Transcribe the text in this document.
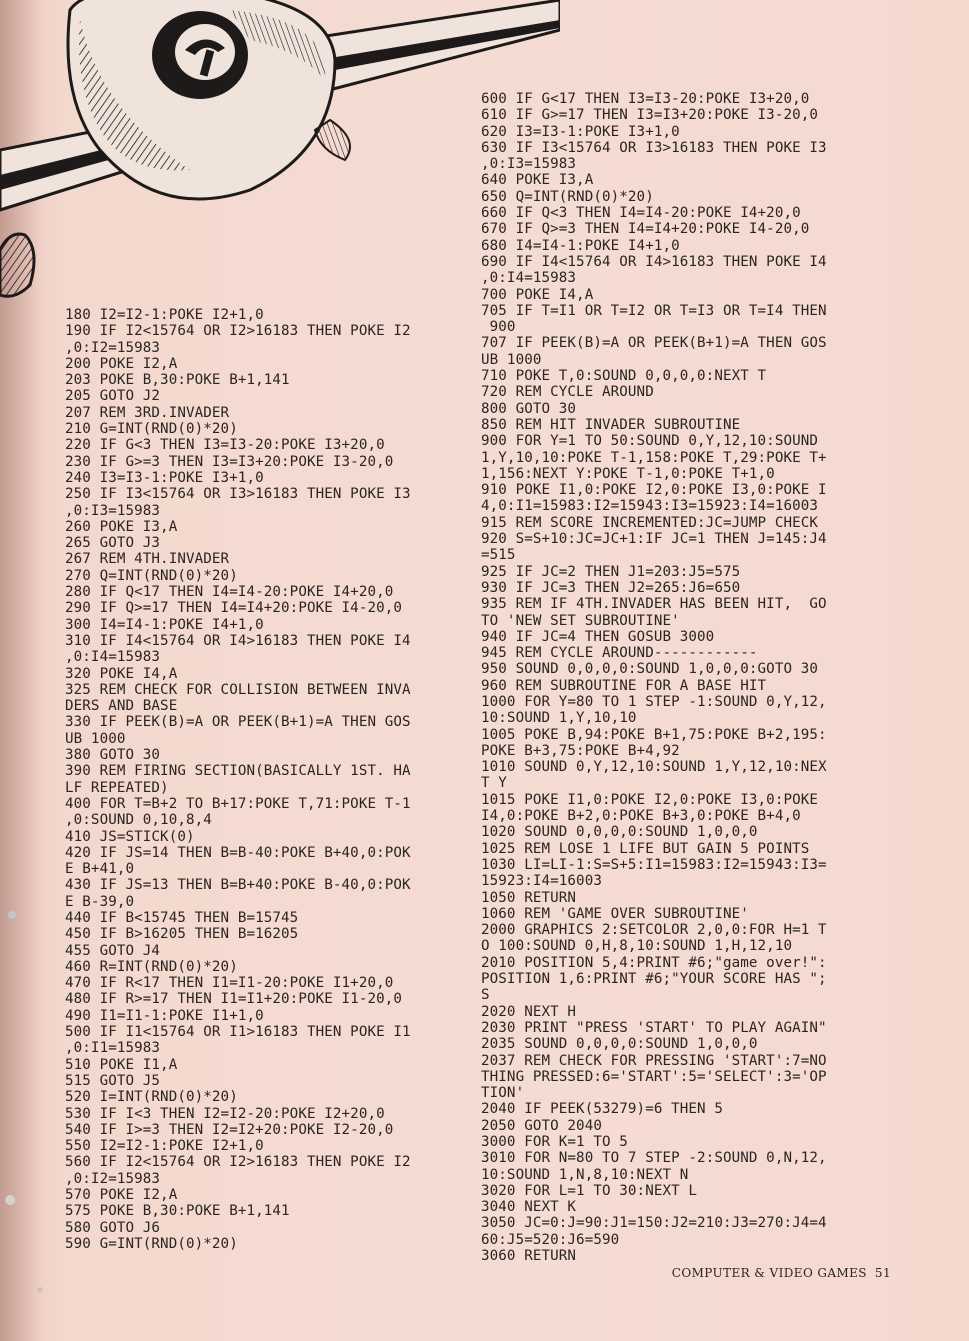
180 I2=I2-1:POKE I2+1,0
190 IF I2<15764 OR I2>16183 THEN POKE I2
,0:I2=15983
200 POKE I2,A
203 POKE B,30:POKE B+1,141
205 GOTO J2
207 REM 3RD.INVADER
210 G=INT(RND(0)*20)
220 IF G<3 THEN I3=I3-20:POKE I3+20,0
230 IF G>=3 THEN I3=I3+20:POKE I3-20,0
240 I3=I3-1:POKE I3+1,0
250 IF I3<15764 OR I3>16183 THEN POKE I3
,0:I3=15983
260 POKE I3,A
265 GOTO J3
267 REM 4TH.INVADER
270 Q=INT(RND(0)*20)
280 IF Q<17 THEN I4=I4-20:POKE I4+20,0
290 IF Q>=17 THEN I4=I4+20:POKE I4-20,0
300 I4=I4-1:POKE I4+1,0
310 IF I4<15764 OR I4>16183 THEN POKE I4
,0:I4=15983
320 POKE I4,A
325 REM CHECK FOR COLLISION BETWEEN INVA
DERS AND BASE
330 IF PEEK(B)=A OR PEEK(B+1)=A THEN GOS
UB 1000
380 GOTO 30
390 REM FIRING SECTION(BASICALLY 1ST. HA
LF REPEATED)
400 FOR T=B+2 TO B+17:POKE T,71:POKE T-1
,0:SOUND 0,10,8,4
410 JS=STICK(0)
420 IF JS=14 THEN B=B-40:POKE B+40,0:POK
E B+41,0
430 IF JS=13 THEN B=B+40:POKE B-40,0:POK
E B-39,0
440 IF B<15745 THEN B=15745
450 IF B>16205 THEN B=16205
455 GOTO J4
460 R=INT(RND(0)*20)
470 IF R<17 THEN I1=I1-20:POKE I1+20,0
480 IF R>=17 THEN I1=I1+20:POKE I1-20,0
490 I1=I1-1:POKE I1+1,0
500 IF I1<15764 OR I1>16183 THEN POKE I1
,0:I1=15983
510 POKE I1,A
515 GOTO J5
520 I=INT(RND(0)*20)
530 IF I<3 THEN I2=I2-20:POKE I2+20,0
540 IF I>=3 THEN I2=I2+20:POKE I2-20,0
550 I2=I2-1:POKE I2+1,0
560 IF I2<15764 OR I2>16183 THEN POKE I2
,0:I2=15983
570 POKE I2,A
575 POKE B,30:POKE B+1,141
580 GOTO J6
590 G=INT(RND(0)*20)
600 IF G<17 THEN I3=I3-20:POKE I3+20,0
610 IF G>=17 THEN I3=I3+20:POKE I3-20,0
620 I3=I3-1:POKE I3+1,0
630 IF I3<15764 OR I3>16183 THEN POKE I3
,0:I3=15983
640 POKE I3,A
650 Q=INT(RND(0)*20)
660 IF Q<3 THEN I4=I4-20:POKE I4+20,0
670 IF Q>=3 THEN I4=I4+20:POKE I4-20,0
680 I4=I4-1:POKE I4+1,0
690 IF I4<15764 OR I4>16183 THEN POKE I4
,0:I4=15983
700 POKE I4,A
705 IF T=I1 OR T=I2 OR T=I3 OR T=I4 THEN
900
707 IF PEEK(B)=A OR PEEK(B+1)=A THEN GOS
UB 1000
710 POKE T,0:SOUND 0,0,0,0:NEXT T
720 REM CYCLE AROUND
800 GOTO 30
850 REM HIT INVADER SUBROUTINE
900 FOR Y=1 TO 50:SOUND 0,Y,12,10:SOUND
1,Y,10,10:POKE T-1,158:POKE T,29:POKE T+
1,156:NEXT Y:POKE T-1,0:POKE T+1,0
910 POKE I1,0:POKE I2,0:POKE I3,0:POKE I
4,0:I1=15983:I2=15943:I3=15923:I4=16003
915 REM SCORE INCREMENTED:JC=JUMP CHECK
920 S=S+10:JC=JC+1:IF JC=1 THEN J=145:J4
=515
925 IF JC=2 THEN J1=203:J5=575
930 IF JC=3 THEN J2=265:J6=650
935 REM IF 4TH.INVADER HAS BEEN HIT,  GO
TO 'NEW SET SUBROUTINE'
940 IF JC=4 THEN GOSUB 3000
945 REM CYCLE AROUND------------
950 SOUND 0,0,0,0:SOUND 1,0,0,0:GOTO 30
960 REM SUBROUTINE FOR A BASE HIT
1000 FOR Y=80 TO 1 STEP -1:SOUND 0,Y,12,
10:SOUND 1,Y,10,10
1005 POKE B,94:POKE B+1,75:POKE B+2,195:
POKE B+3,75:POKE B+4,92
1010 SOUND 0,Y,12,10:SOUND 1,Y,12,10:NEX
T Y
1015 POKE I1,0:POKE I2,0:POKE I3,0:POKE
I4,0:POKE B+2,0:POKE B+3,0:POKE B+4,0
1020 SOUND 0,0,0,0:SOUND 1,0,0,0
1025 REM LOSE 1 LIFE BUT GAIN 5 POINTS
1030 LI=LI-1:S=S+5:I1=15983:I2=15943:I3=
15923:I4=16003
1050 RETURN
1060 REM 'GAME OVER SUBROUTINE'
2000 GRAPHICS 2:SETCOLOR 2,0,0:FOR H=1 T
O 100:SOUND 0,H,8,10:SOUND 1,H,12,10
2010 POSITION 5,4:PRINT #6;"game over!":
POSITION 1,6:PRINT #6;"YOUR SCORE HAS ";
S
2020 NEXT H
2030 PRINT "PRESS 'START' TO PLAY AGAIN"
2035 SOUND 0,0,0,0:SOUND 1,0,0,0
2037 REM CHECK FOR PRESSING 'START':7=NO
THING PRESSED:6='START':5='SELECT':3='OP
TION'
2040 IF PEEK(53279)=6 THEN 5
2050 GOTO 2040
3000 FOR K=1 TO 5
3010 FOR N=80 TO 7 STEP -2:SOUND 0,N,12,
10:SOUND 1,N,8,10:NEXT N
3020 FOR L=1 TO 30:NEXT L
3040 NEXT K
3050 JC=0:J=90:J1=150:J2=210:J3=270:J4=4
60:J5=520:J6=590
3060 RETURN
COMPUTER & VIDEO GAMES 51
